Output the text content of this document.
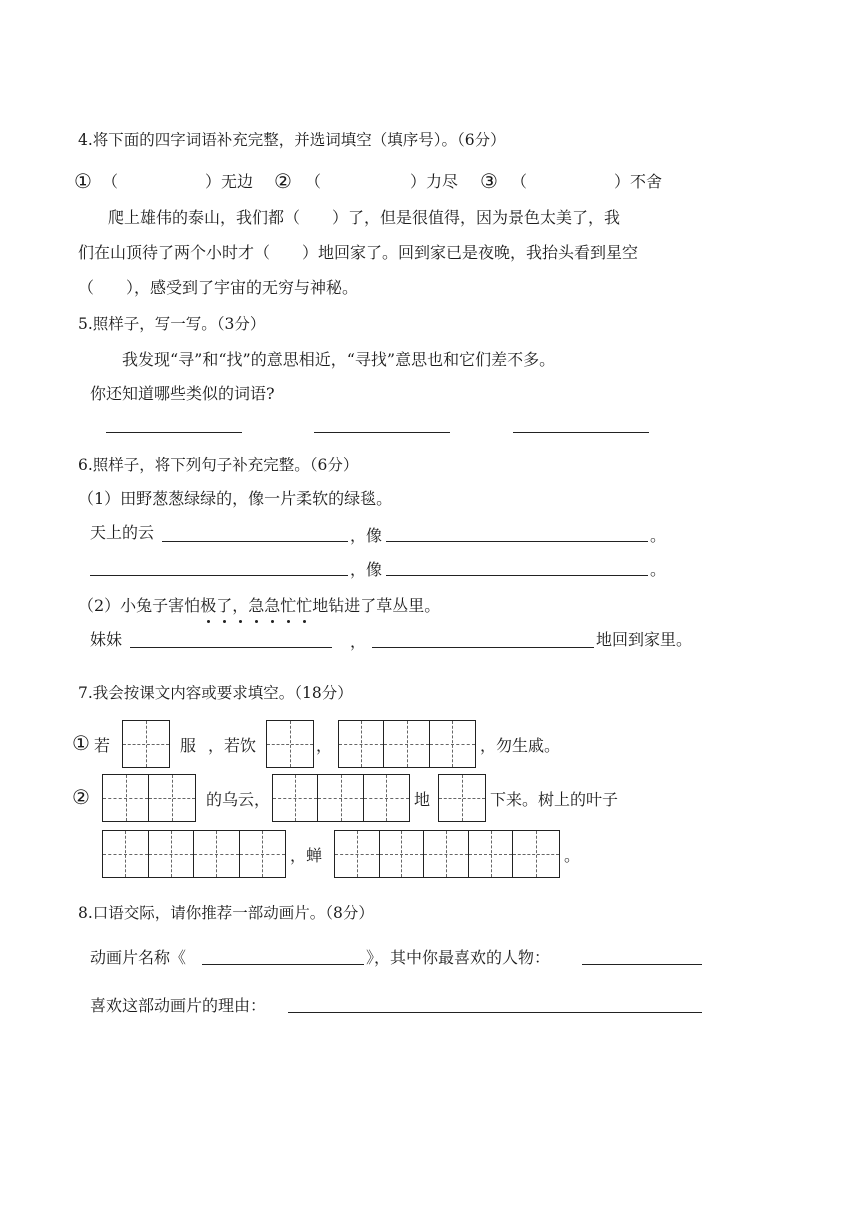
4.将下面的四字词语补充完整，并选词填空（填序号）。（6分）
① （	）无边 ② （	）力尽 ③ （	）不舍
爬上雄伟的泰山，我们都（　　）了，但是很值得，因为景色太美了，我
们在山顶待了两个小时才（　　）地回家了。回到家已是夜晚，我抬头看到星空
（　　），感受到了宇宙的无穷与神秘。
5.照样子，写一写。（3分）
我发现“寻”和“找”的意思相近，“寻找”意思也和它们差不多。
你还知道哪些类似的词语?
6.照样子，将下列句子补充完整。（6分）
（1）田野葱葱绿绿的，像一片柔软的绿毯。
天上的云	，像	。
，像	。
（2）小兔子害怕极了，急急忙忙地钻进了草丛里。
妹妹	，	地回到家里。
7.我会按课文内容或要求填空。（18分）
① 若	服 ， 若饮	，	，勿生戚。
②	的乌云，	地	下来。树上的叶子
， 蝉	。
8.口语交际，请你推荐一部动画片。（8分）
动画片名称《	》，其中你最喜欢的人物：
喜欢这部动画片的理由：
